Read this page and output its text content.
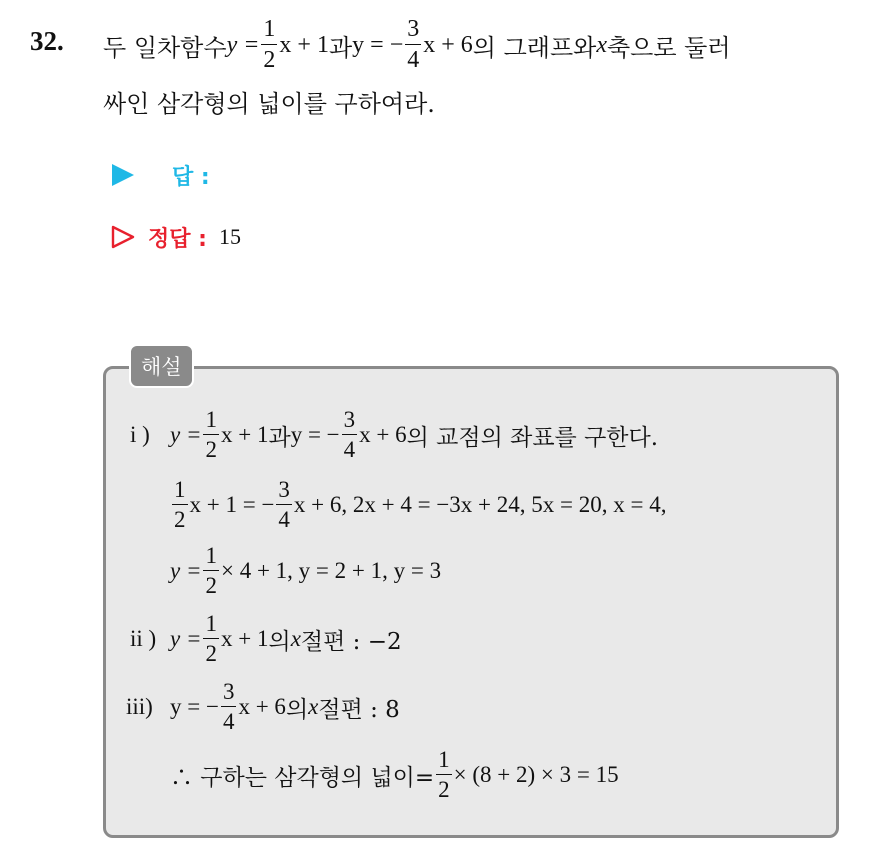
32. 두 일차함수 $y = \frac{1}{2}$ x + 1 과 y = − $\frac{3}{4}$ x + 6 의 그래프와 x 축으로 둘러
싸인 삼각형의 넓이를 구하여라.
답 :
정답 : 15
해설
i ) $y = \frac{1}{2}$ x + 1 과 y = − $\frac{3}{4}$ x + 6 의 교점의 좌표를 구한다.
$\frac{1}{2}$ x + 1 = − $\frac{3}{4}$ x + 6, 2x + 4 = −3x + 24, 5x = 20, x = 4,
$y = \frac{1}{2} \times 4 + 1$, y = 2 + 1, y = 3
ii ) $y = \frac{1}{2}$ x + 1 의 x 절편 : −2
iii) y = − $\frac{3}{4}$ x + 6 의 x 절편 : 8
∴ 구하는 삼각형의 넓이= $\frac{1}{2} \times (8 + 2) \times 3 = 15$
